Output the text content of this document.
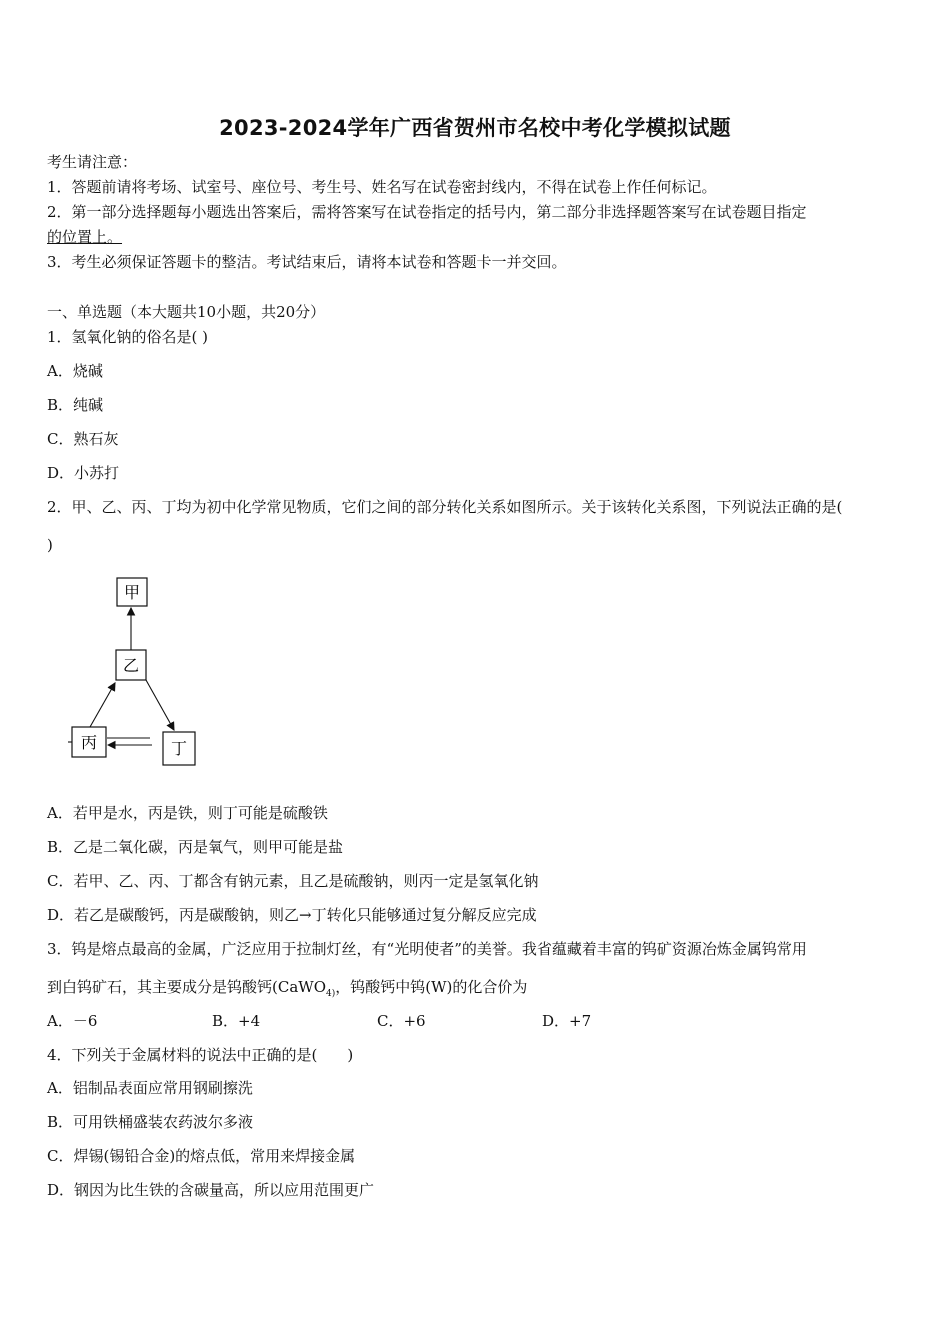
2023-2024学年广西省贺州市名校中考化学模拟试题
考生请注意：
1．答题前请将考场、试室号、座位号、考生号、姓名写在试卷密封线内，不得在试卷上作任何标记。
2．第一部分选择题每小题选出答案后，需将答案写在试卷指定的括号内，第二部分非选择题答案写在试卷题目指定
的位置上。
3．考生必须保证答题卡的整洁。考试结束后，请将本试卷和答题卡一并交回。
一、单选题（本大题共10小题，共20分）
1．氢氧化钠的俗名是( )
A．烧碱
B．纯碱
C．熟石灰
D．小苏打
2．甲、乙、丙、丁均为初中化学常见物质，它们之间的部分转化关系如图所示。关于该转化关系图，下列说法正确的是(
)
甲
乙
丙	丁
A．若甲是水，丙是铁，则丁可能是硫酸铁
B．乙是二氧化碳，丙是氧气，则甲可能是盐
C．若甲、乙、丙、丁都含有钠元素，且乙是硫酸钠，则丙一定是氢氧化钠
D．若乙是碳酸钙，丙是碳酸钠，则乙→丁转化只能够通过复分解反应完成
3．钨是熔点最高的金属，广泛应用于拉制灯丝，有“光明使者”的美誉。我省蕴藏着丰富的钨矿资源冶炼金属钨常用
到白钨矿石，其主要成分是钨酸钙(CaWO$_{4)}$，钨酸钙中钨(W)的化合价为
A．－6	B．+4	C．+6	D．+7
4．下列关于金属材料的说法中正确的是(　　)
A．铝制品表面应常用钢刷擦洗
B．可用铁桶盛装农药波尔多液
C．焊锡(锡铅合金)的熔点低，常用来焊接金属
D．钢因为比生铁的含碳量高，所以应用范围更广
